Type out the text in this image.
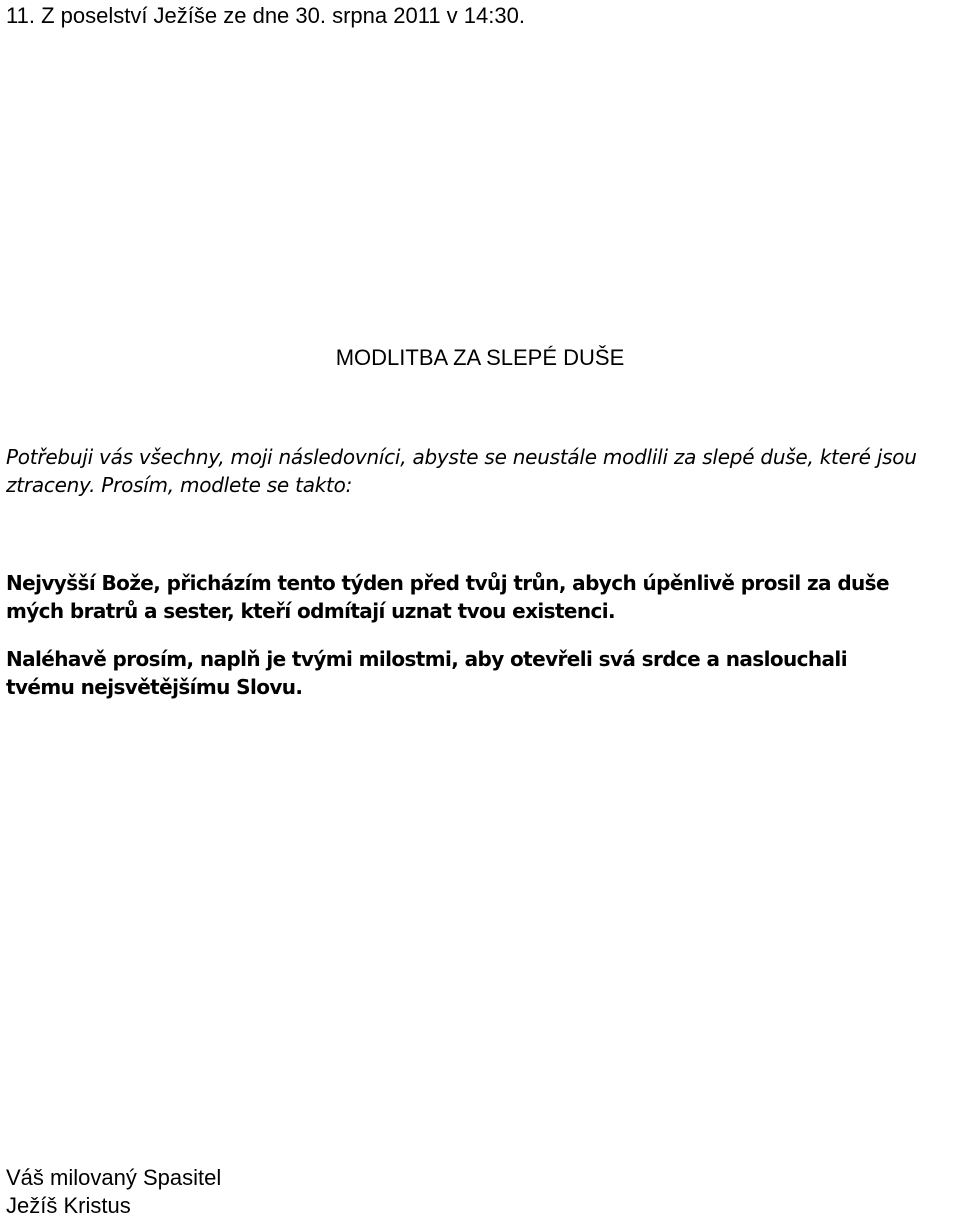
11. Z poselství Ježíše ze dne 30. srpna 2011 v 14:30.
MODLITBA ZA SLEPÉ DUŠE
Potřebuji vás všechny, moji následovníci, abyste se neustále modlili za slepé duše, které jsou
ztraceny. Prosím, modlete se takto:
Nejvyšší Bože, přicházím tento týden před tvůj trůn, abych úpěnlivě prosil za duše
mých bratrů a sester, kteří odmítají uznat tvou existenci.
Naléhavě prosím, naplň je tvými milostmi, aby otevřeli svá srdce a naslouchali
tvému nejsvětějšímu Slovu.
Váš milovaný Spasitel
Ježíš Kristus
